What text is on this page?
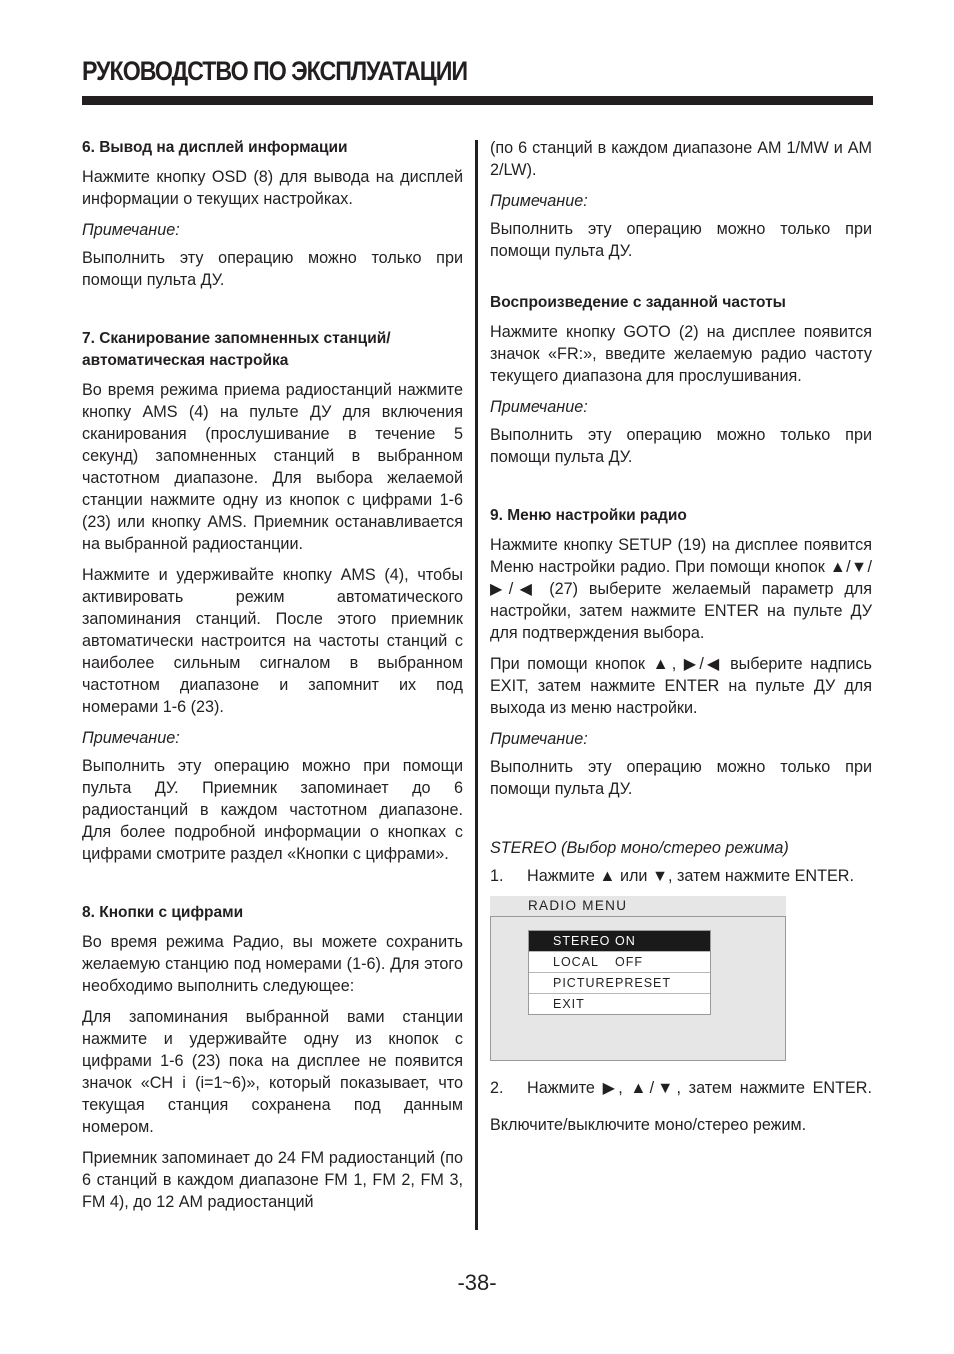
РУКОВОДСТВО ПО ЭКСПЛУАТАЦИИ
6. Вывод на дисплей информации

Нажмите кнопку OSD (8) для вывода на дисплей информации о текущих настройках.

Примечание:

Выполнить эту операцию можно только при помощи пульта ДУ.

7. Сканирование запомненных станций/ автоматическая настройка

Во время режима приема радиостанций нажмите кнопку AMS (4) на пульте ДУ для включения сканирования (прослушивание в течение 5 секунд) запомненных станций в выбранном частотном диапазоне. Для выбора желаемой станции нажмите одну из кнопок с цифрами 1-6 (23) или кнопку AMS. Приемник останавливается на выбранной радиостанции.

Нажмите и удерживайте кнопку AMS (4), чтобы активировать режим автоматического запоминания станций. После этого приемник автоматически настроится на частоты станций с наиболее сильным сигналом в выбранном частотном диапазоне и запомнит их под номерами 1-6 (23).

Примечание:

Выполнить эту операцию можно при помощи пульта ДУ. Приемник запоминает до 6 радиостанций в каждом частотном диапазоне. Для более подробной информации о кнопках с цифрами смотрите раздел «Кнопки с цифрами».

8. Кнопки с цифрами

Во время режима Радио, вы можете сохранить желаемую станцию под номерами (1-6). Для этого необходимо выполнить следующее:

Для запоминания выбранной вами станции нажмите и удерживайте одну из кнопок с цифрами 1-6 (23) пока на дисплее не появится значок «CH i (i=1~6)», который показывает, что текущая станция сохранена под данным номером.

Приемник запоминает до 24 FM радиостанций (по 6 станций в каждом диапазоне FM 1, FM 2, FM 3, FM 4), до 12 AM радиостанций

(по 6 станций в каждом диапазоне AM 1/MW и AM 2/LW).

Примечание:

Выполнить эту операцию можно только при помощи пульта ДУ.

Воспроизведение с заданной частоты

Нажмите кнопку GOTO (2) на дисплее появится значок «FR:», введите желаемую радио частоту текущего диапазона для прослушивания.

Примечание:

Выполнить эту операцию можно только при помощи пульта ДУ.

9. Меню настройки радио

Нажмите кнопку SETUP (19) на дисплее появится Меню настройки радио. При помощи кнопок ▲/▼/▶/◀ (27) выберите желаемый параметр для настройки, затем нажмите ENTER на пульте ДУ для подтверждения выбора.

При помощи кнопок ▲, ▶/◀ выберите надпись EXIT, затем нажмите ENTER на пульте ДУ для выхода из меню настройки.

Примечание:

Выполнить эту операцию можно только при помощи пульта ДУ.

STEREO (Выбор моно/стерео режима)

1.	Нажмите ▲ или ▼, затем нажмите ENTER.
RADIO MENU
STEREO ON
LOCAL	OFF
PICTURE PRESET
EXIT
2.	Нажмите ▶, ▲/▼, затем нажмите ENTER.

Включите/выключите моно/стерео режим.

-38-
